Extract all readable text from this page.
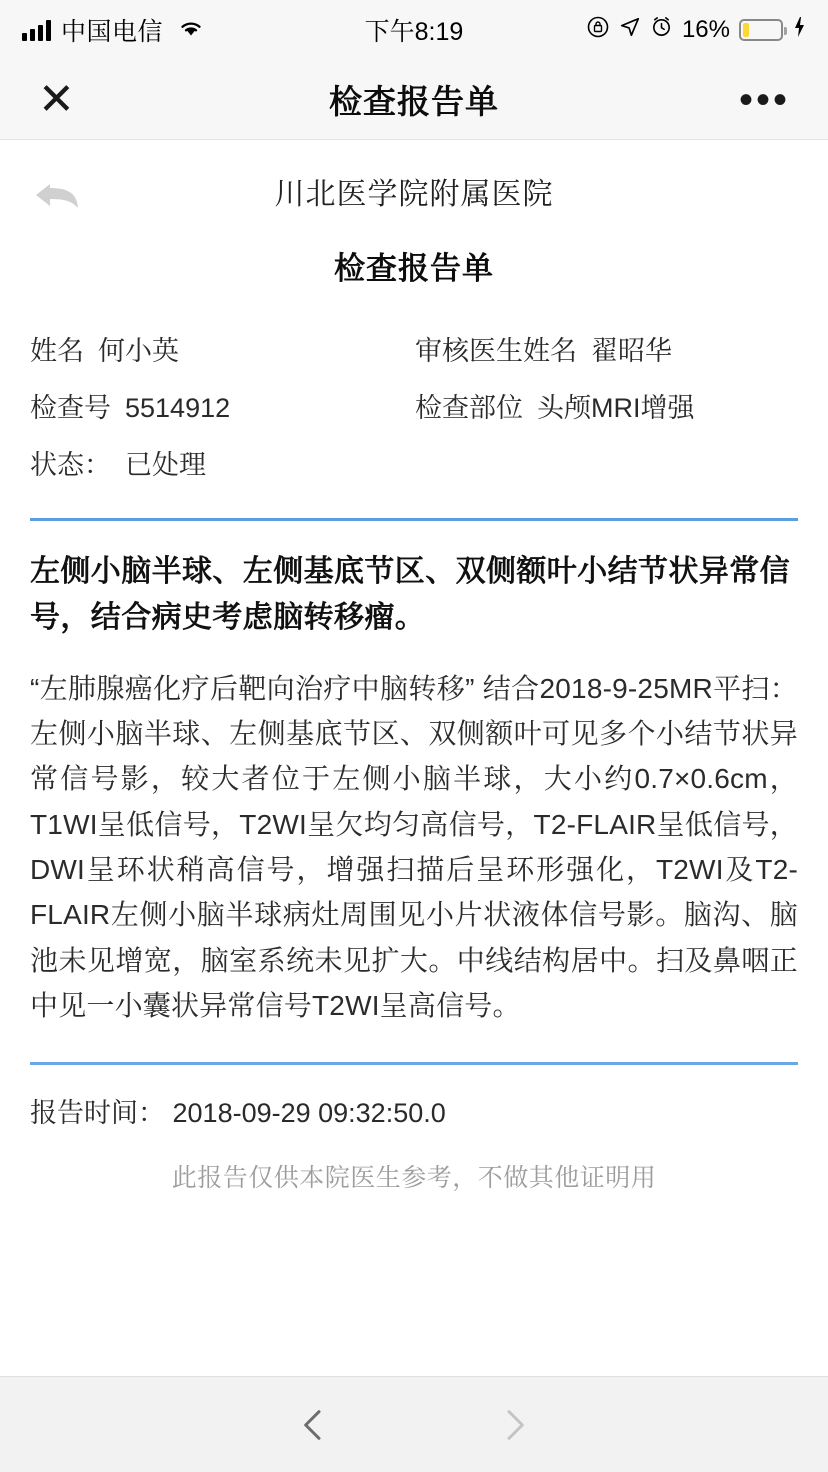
中国电信	下午8:19	16%
✕	检查报告单	•••
川北医学院附属医院
检查报告单
姓名 何小英	审核医生姓名 翟昭华
检查号 5514912	检查部位 头颅MRI增强
状态： 已处理
左侧小脑半球、左侧基底节区、双侧额叶小结节状异常信号，结合病史考虑脑转移瘤。
“左肺腺癌化疗后靶向治疗中脑转移” 结合2018-9-25MR平扫：左侧小脑半球、左侧基底节区、双侧额叶可见多个小结节状异常信号影，较大者位于左侧小脑半球，大小约0.7×0.6cm，T1WI呈低信号，T2WI呈欠均匀高信号，T2-FLAIR呈低信号，DWI呈环状稍高信号，增强扫描后呈环形强化，T2WI及T2-FLAIR左侧小脑半球病灶周围见小片状液体信号影。脑沟、脑池未见增宽，脑室系统未见扩大。中线结构居中。扫及鼻咽正中见一小囊状异常信号T2WI呈高信号。
报告时间： 2018-09-29 09:32:50.0
此报告仅供本院医生参考，不做其他证明用
